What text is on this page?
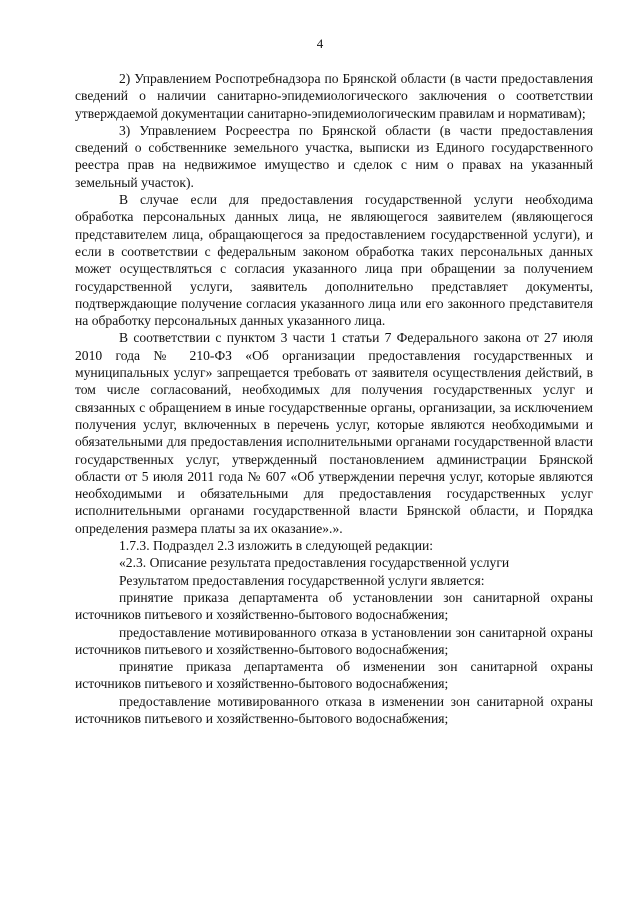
4

2) Управлением Роспотребнадзора по Брянской области (в части предоставления сведений о наличии санитарно-эпидемиологического заключения о соответствии утверждаемой документации санитарно-эпидемиологическим правилам и нормативам);

3) Управлением Росреестра по Брянской области (в части предоставления сведений о собственнике земельного участка, выписки из Единого государственного реестра прав на недвижимое имущество и сделок с ним о правах на указанный земельный участок).

В случае если для предоставления государственной услуги необходима обработка персональных данных лица, не являющегося заявителем (являющегося представителем лица, обращающегося за предоставлением государственной услуги), и если в соответствии с федеральным законом обработка таких персональных данных может осуществляться с согласия указанного лица при обращении за получением государственной услуги, заявитель дополнительно представляет документы, подтверждающие получение согласия указанного лица или его законного представителя на обработку персональных данных указанного лица.

В соответствии с пунктом 3 части 1 статьи 7 Федерального закона от 27 июля 2010 года № 210-ФЗ «Об организации предоставления государственных и муниципальных услуг» запрещается требовать от заявителя осуществления действий, в том числе согласований, необходимых для получения государственных услуг и связанных с обращением в иные государственные органы, организации, за исключением получения услуг, включенных в перечень услуг, которые являются необходимыми и обязательными для предоставления исполнительными органами государственной власти государственных услуг, утвержденный постановлением администрации Брянской области от 5 июля 2011 года № 607 «Об утверждении перечня услуг, которые являются необходимыми и обязательными для предоставления государственных услуг исполнительными органами государственной власти Брянской области, и Порядка определения размера платы за их оказание».».

1.7.3. Подраздел 2.3 изложить в следующей редакции:

«2.3. Описание результата предоставления государственной услуги

Результатом предоставления государственной услуги является:

принятие приказа департамента об установлении зон санитарной охраны источников питьевого и хозяйственно-бытового водоснабжения;

предоставление мотивированного отказа в установлении зон санитарной охраны источников питьевого и хозяйственно-бытового водоснабжения;

принятие приказа департамента об изменении зон санитарной охраны источников питьевого и хозяйственно-бытового водоснабжения;

предоставление мотивированного отказа в изменении зон санитарной охраны источников питьевого и хозяйственно-бытового водоснабжения;
